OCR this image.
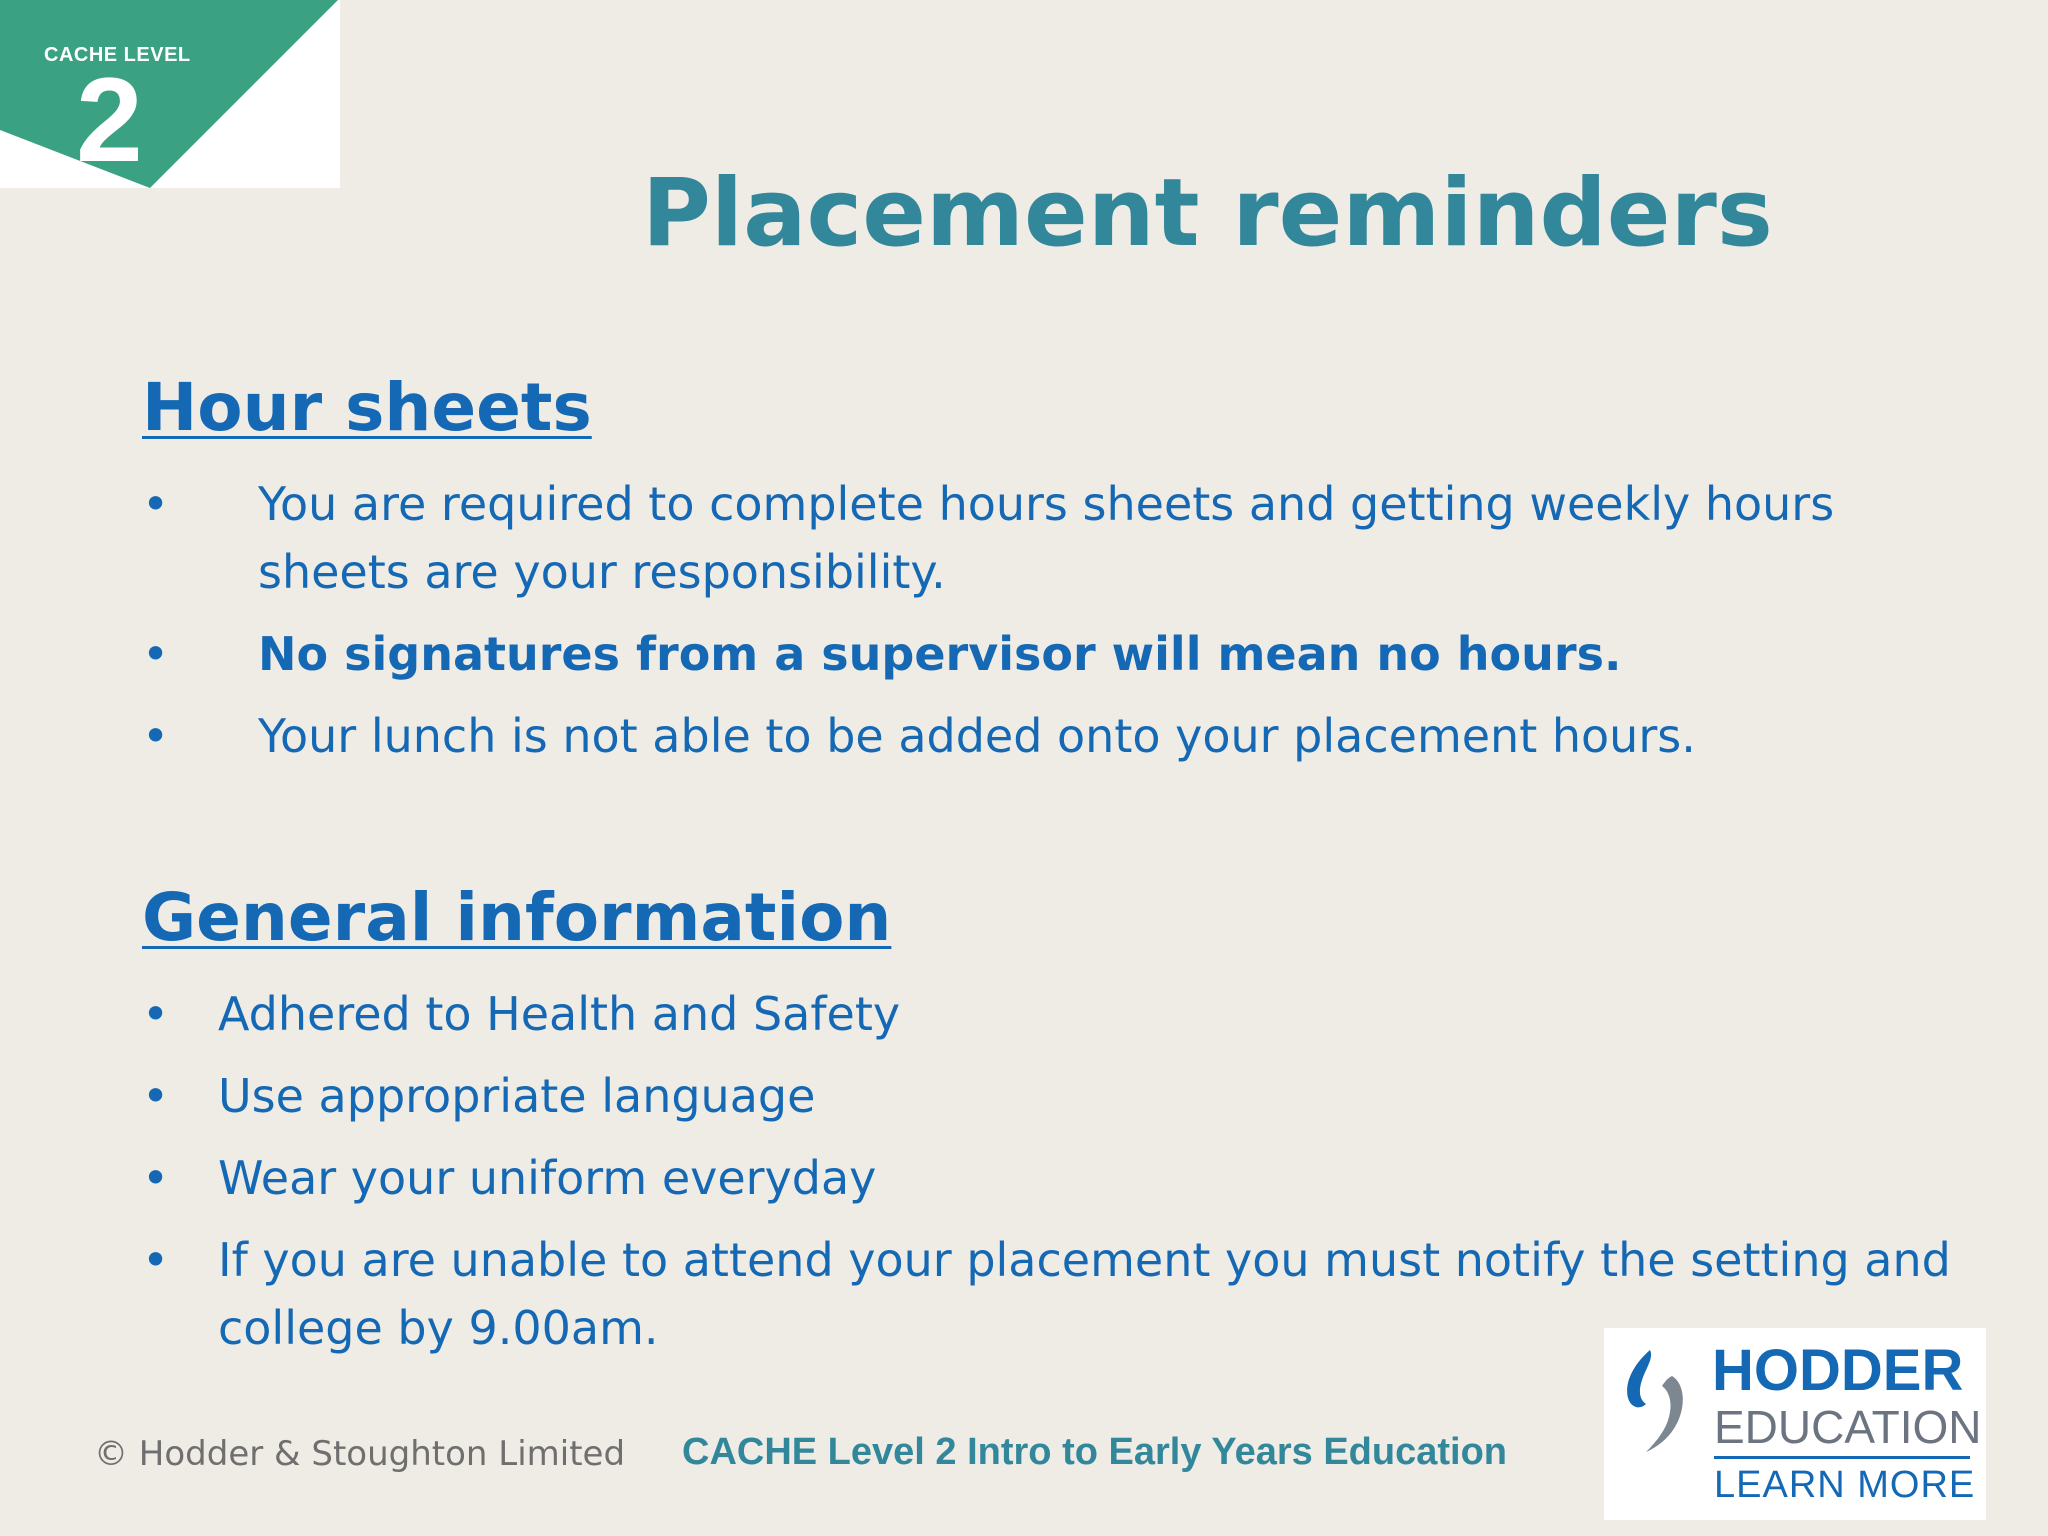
CACHE LEVEL
2
Placement reminders
Hour sheets
• You are required to complete hours sheets and getting weekly hours sheets are your responsibility.
• No signatures from a supervisor will mean no hours.
• Your lunch is not able to be added onto your placement hours.
General information
• Adhered to Health and Safety
• Use appropriate language
• Wear your uniform everyday
• If you are unable to attend your placement you must notify the setting and college by 9.00am.
© Hodder & Stoughton Limited CACHE Level 2 Intro to Early Years Education
HODDER
EDUCATION
LEARN MORE
